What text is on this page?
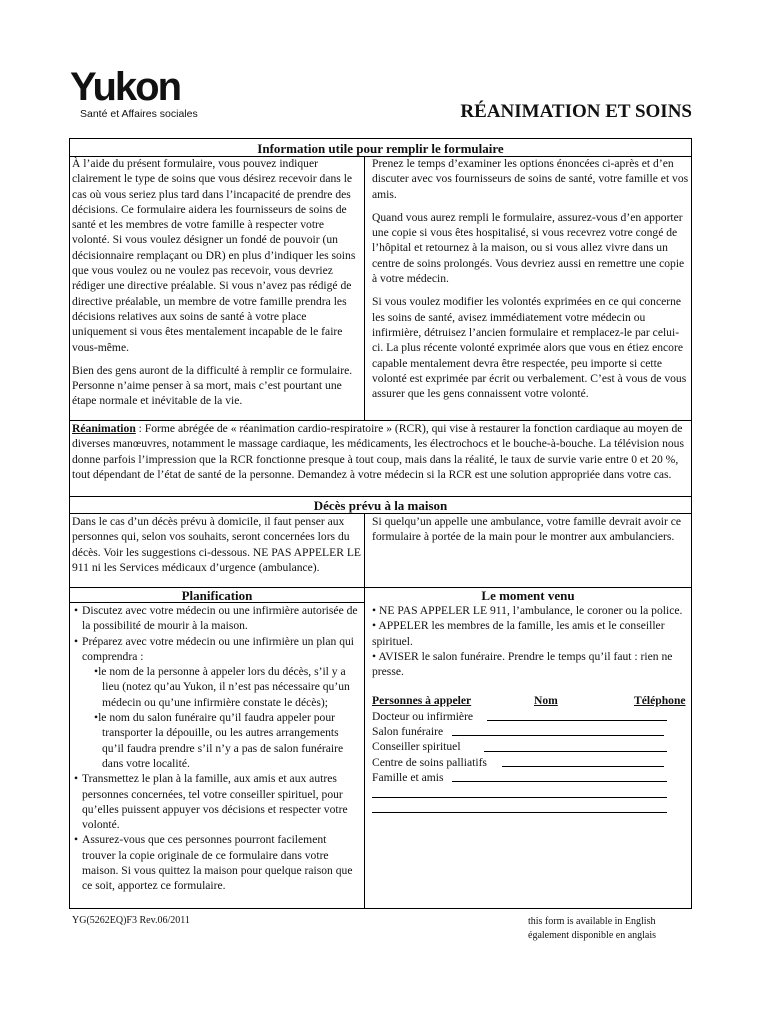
Yukon
Santé et Affaires sociales	RÉANIMATION ET SOINS
Information utile pour remplir le formulaire

À l’aide du présent formulaire, vous pouvez indiquer clairement le type de soins que vous désirez recevoir dans le cas où vous seriez plus tard dans l’incapacité de prendre des décisions. Ce formulaire aidera les fournisseurs de soins de santé et les membres de votre famille à respecter votre volonté. Si vous voulez désigner un fondé de pouvoir (un décisionnaire remplaçant ou DR) en plus d’indiquer les soins que vous voulez ou ne voulez pas recevoir, vous devriez rédiger une directive préalable. Si vous n’avez pas rédigé de directive préalable, un membre de votre famille prendra les décisions relatives aux soins de santé à votre place uniquement si vous êtes mentalement incapable de le faire vous-même.

Bien des gens auront de la difficulté à remplir ce formulaire. Personne n’aime penser à sa mort, mais c’est pourtant une étape normale et inévitable de la vie.

Prenez le temps d’examiner les options énoncées ci-après et d’en discuter avec vos fournisseurs de soins de santé, votre famille et vos amis.

Quand vous aurez rempli le formulaire, assurez-vous d’en apporter une copie si vous êtes hospitalisé, si vous recevrez votre congé de l’hôpital et retournez à la maison, ou si vous allez vivre dans un centre de soins prolongés. Vous devriez aussi en remettre une copie à votre médecin.

Si vous voulez modifier les volontés exprimées en ce qui concerne les soins de santé, avisez immédiatement votre médecin ou infirmière, détruisez l’ancien formulaire et remplacez-le par celui-ci. La plus récente volonté exprimée alors que vous en étiez encore capable mentalement devra être respectée, peu importe si cette volonté est exprimée par écrit ou verbalement. C’est à vous de vous assurer que les gens connaissent votre volonté.

Réanimation : Forme abrégée de « réanimation cardio-respiratoire » (RCR), qui vise à restaurer la fonction cardiaque au moyen de diverses manœuvres, notamment le massage cardiaque, les médicaments, les électrochocs et le bouche-à-bouche. La télévision nous donne parfois l’impression que la RCR fonctionne presque à tout coup, mais dans la réalité, le taux de survie varie entre 0 et 20 %, tout dépendant de l’état de santé de la personne. Demandez à votre médecin si la RCR est une solution appropriée dans votre cas.
Décès prévu à la maison

Dans le cas d’un décès prévu à domicile, il faut penser aux personnes qui, selon vos souhaits, seront concernées lors du décès. Voir les suggestions ci-dessous. NE PAS APPELER LE 911 ni les Services médicaux d’urgence (ambulance).

Si quelqu’un appelle une ambulance, votre famille devrait avoir ce formulaire à portée de la main pour le montrer aux ambulanciers.

Planification	Le moment venu
• Discutez avec votre médecin ou une infirmière autorisée de la possibilité de mourir à la maison.
• Préparez avec votre médecin ou une infirmière un plan qui comprendra :
•le nom de la personne à appeler lors du décès, s’il y a lieu (notez qu’au Yukon, il n’est pas nécessaire qu’un médecin ou qu’une infirmière constate le décès);
•le nom du salon funéraire qu’il faudra appeler pour transporter la dépouille, ou les autres arrangements qu’il faudra prendre s’il n’y a pas de salon funéraire dans votre localité.
• Transmettez le plan à la famille, aux amis et aux autres personnes concernées, tel votre conseiller spirituel, pour qu’elles puissent appuyer vos décisions et respecter votre volonté.
• Assurez-vous que ces personnes pourront facilement trouver la copie originale de ce formulaire dans votre maison. Si vous quittez la maison pour quelque raison que ce soit, apportez ce formulaire.

• NE PAS APPELER LE 911, l’ambulance, le coroner ou la police.

• APPELER les membres de la famille, les amis et le conseiller spirituel.

• AVISER le salon funéraire. Prendre le temps qu’il faut : rien ne presse.

Personnes à appeler	Nom	Téléphone
Docteur ou infirmière
Salon funéraire
Conseiller spirituel
Centre de soins palliatifs
Famille et amis
YG(5262EQ)F3 Rev.06/2011	this form is available in English
également disponible en anglais
